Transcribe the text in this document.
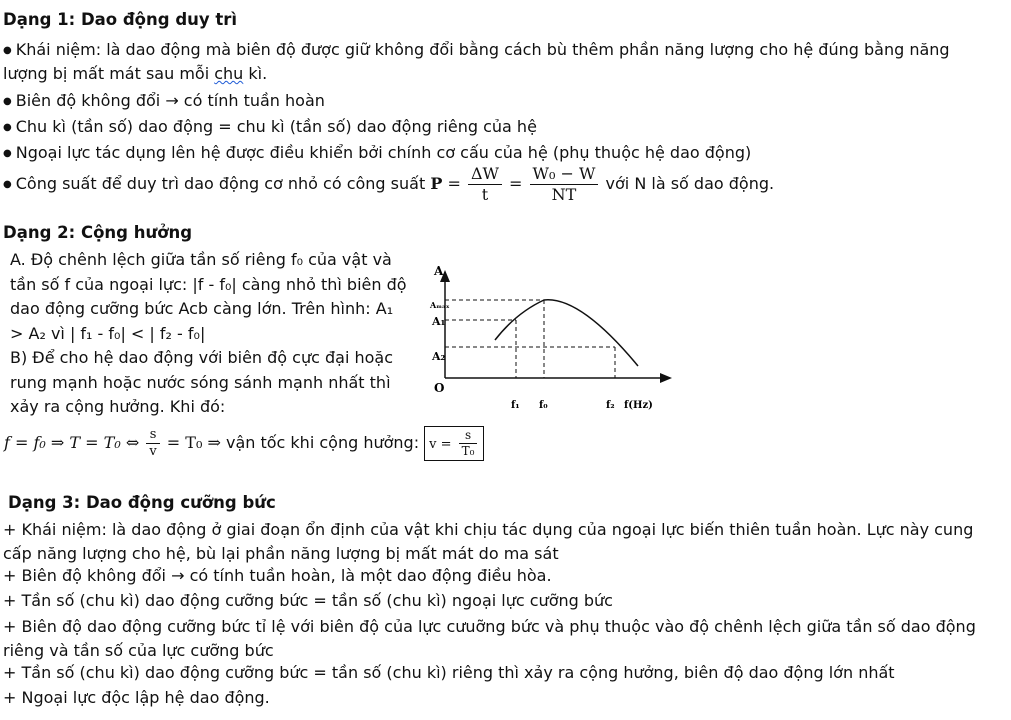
Dạng 1: Dao động duy trì
● Khái niệm: là dao động mà biên độ được giữ không đổi bằng cách bù thêm phần năng lượng cho hệ đúng bằng năng
lượng bị mất mát sau mỗi chu kì.
● Biên độ không đổi → có tính tuần hoàn
● Chu kì (tần số) dao động = chu kì (tần số) dao động riêng của hệ
● Ngoại lực tác dụng lên hệ được điều khiển bởi chính cơ cấu của hệ (phụ thuộc hệ dao động)
● Công suất để duy trì dao động cơ nhỏ có công suất $P = \frac{\Delta W}{t} = \frac{\text{W₀ − W}}{NT}$ với N là số dao động.
Dạng 2: Cộng hưởng
A. Độ chênh lệch giữa tần số riêng f₀ của vật và tần số f của ngoại lực: |f - f₀| càng nhỏ thì biên độ dao động cưỡng bức Acb càng lớn. Trên hình: A₁ > A₂ vì | f₁ - f₀| < | f₂ - f₀|
B) Để cho hệ dao động với biên độ cực đại hoặc rung mạnh hoặc nước sóng sánh mạnh nhất thì xảy ra cộng hưởng. Khi đó:
f = f₀ ⇒ T = T₀ ⇔ $\frac{s}{v} = T_0$ ⇒ vận tốc khi cộng hưởng: $v = \frac{s}{\text{T₀}}$
A
Aₘₐₓ
A₁
A₂
O
f₁ f₀	f₂ f(Hz)
Dạng 3: Dao động cưỡng bức
+ Khái niệm: là dao động ở giai đoạn ổn định của vật khi chịu tác dụng của ngoại lực biến thiên tuần hoàn. Lực này cung cấp năng lượng cho hệ, bù lại phần năng lượng bị mất mát do ma sát
+ Biên độ không đổi → có tính tuần hoàn, là một dao động điều hòa.
+ Tần số (chu kì) dao động cưỡng bức = tần số (chu kì) ngoại lực cưỡng bức
+ Biên độ dao động cưỡng bức tỉ lệ với biên độ của lực cưuỡng bức và phụ thuộc vào độ chênh lệch giữa tần số dao động riêng và tần số của lực cưỡng bức
+ Tần số (chu kì) dao động cưỡng bức = tần số (chu kì) riêng thì xảy ra cộng hưởng, biên độ dao động lớn nhất
+ Ngoại lực độc lập hệ dao động.
